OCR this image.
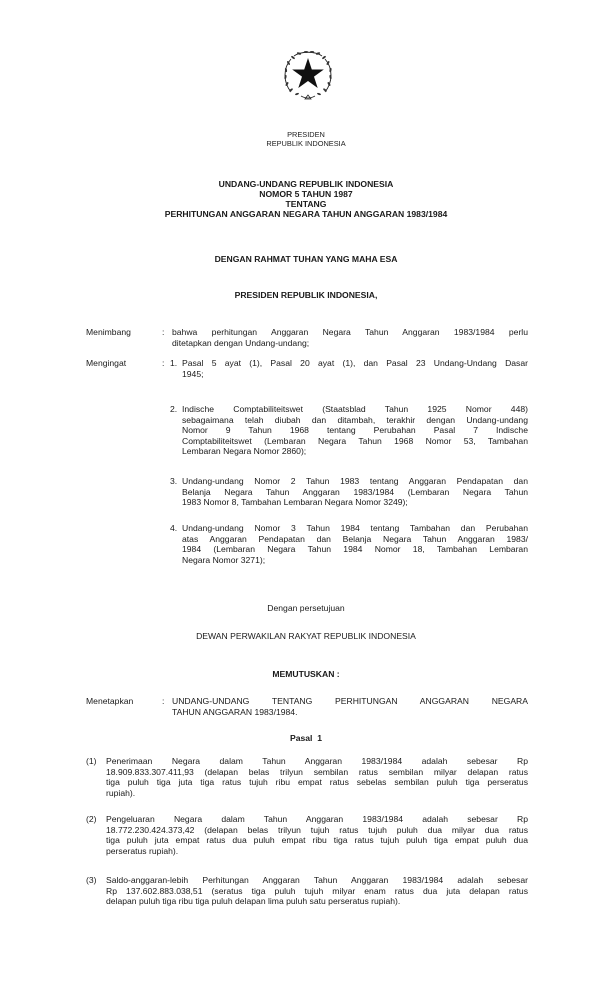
PRESIDEN
REPUBLIK INDONESIA
UNDANG-UNDANG REPUBLIK INDONESIA
NOMOR 5 TAHUN 1987
TENTANG
PERHITUNGAN ANGGARAN NEGARA TAHUN ANGGARAN 1983/1984
DENGAN RAHMAT TUHAN YANG MAHA ESA
PRESIDEN REPUBLIK INDONESIA,
Menimbang	: bahwa perhitungan Anggaran Negara Tahun Anggaran 1983/1984 perlu
ditetapkan dengan Undang-undang;
Mengingat	: 1. Pasal 5 ayat (1), Pasal 20 ayat (1), dan Pasal 23 Undang-Undang Dasar
1945;
2. Indische Comptabiliteitswet (Staatsblad Tahun 1925 Nomor 448)
sebagaimana telah diubah dan ditambah, terakhir dengan Undang-undang
Nomor 9 Tahun 1968 tentang Perubahan Pasal 7 Indische
Comptabiliteitswet (Lembaran Negara Tahun 1968 Nomor 53, Tambahan
Lembaran Negara Nomor 2860);
3. Undang-undang Nomor 2 Tahun 1983 tentang Anggaran Pendapatan dan
Belanja Negara Tahun Anggaran 1983/1984 (Lembaran Negara Tahun
1983 Nomor 8, Tambahan Lembaran Negara Nomor 3249);
4. Undang-undang Nomor 3 Tahun 1984 tentang Tambahan dan Perubahan
atas Anggaran Pendapatan dan Belanja Negara Tahun Anggaran 1983/
1984 (Lembaran Negara Tahun 1984 Nomor 18, Tambahan Lembaran
Negara Nomor 3271);
Dengan persetujuan
DEWAN PERWAKILAN RAKYAT REPUBLIK INDONESIA
MEMUTUSKAN :
Menetapkan	: UNDANG-UNDANG TENTANG PERHITUNGAN ANGGARAN NEGARA
TAHUN ANGGARAN 1983/1984.
Pasal  1
(1)	Penerimaan Negara dalam Tahun Anggaran 1983/1984 adalah sebesar Rp
18.909.833.307.411,93 (delapan belas trilyun sembilan ratus sembilan milyar delapan ratus
tiga puluh tiga juta tiga ratus tujuh ribu empat ratus sebelas sembilan puluh tiga perseratus
rupiah).
(2)	Pengeluaran Negara dalam Tahun Anggaran 1983/1984 adalah sebesar Rp
18.772.230.424.373,42 (delapan belas trilyun tujuh ratus tujuh puluh dua milyar dua ratus
tiga puluh juta empat ratus dua puluh empat ribu tiga ratus tujuh puluh tiga empat puluh dua
perseratus rupiah).
(3)	Saldo-anggaran-lebih Perhitungan Anggaran Tahun Anggaran 1983/1984 adalah sebesar
Rp 137.602.883.038,51 (seratus tiga puluh tujuh milyar enam ratus dua juta delapan ratus
delapan puluh tiga ribu tiga puluh delapan lima puluh satu perseratus rupiah).
